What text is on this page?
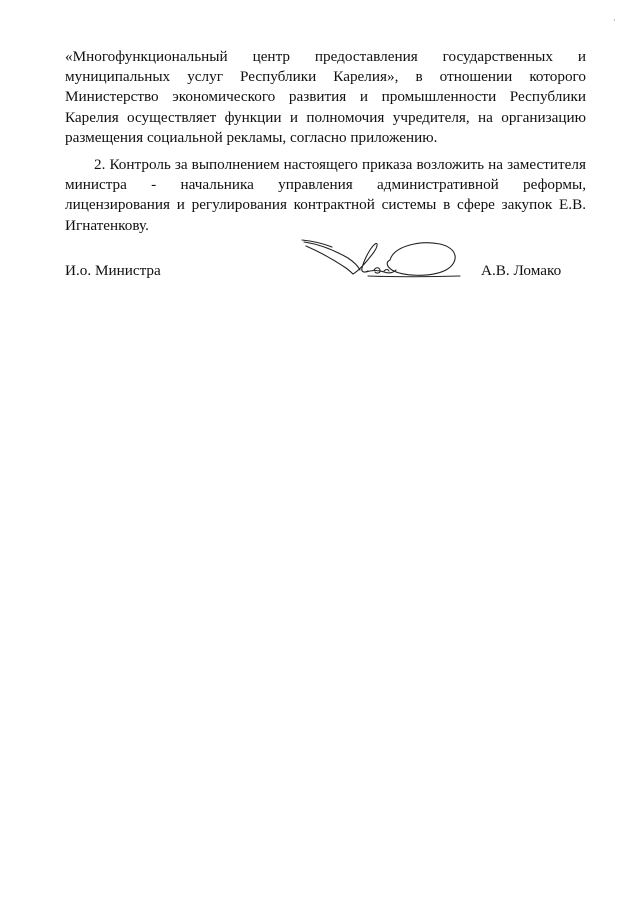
·

«Многофункциональный центр предоставления государственных и муниципальных услуг Республики Карелия», в отношении которого Министерство экономического развития и промышленности Республики Карелия осуществляет функции и полномочия учредителя, на организацию размещения социальной рекламы, согласно приложению.

2. Контроль за выполнением настоящего приказа возложить на заместителя министра - начальника управления административной реформы, лицензирования и регулирования контрактной системы в сфере закупок Е.В. Игнатенкову.

И.о. Министра	А.В. Ломако
